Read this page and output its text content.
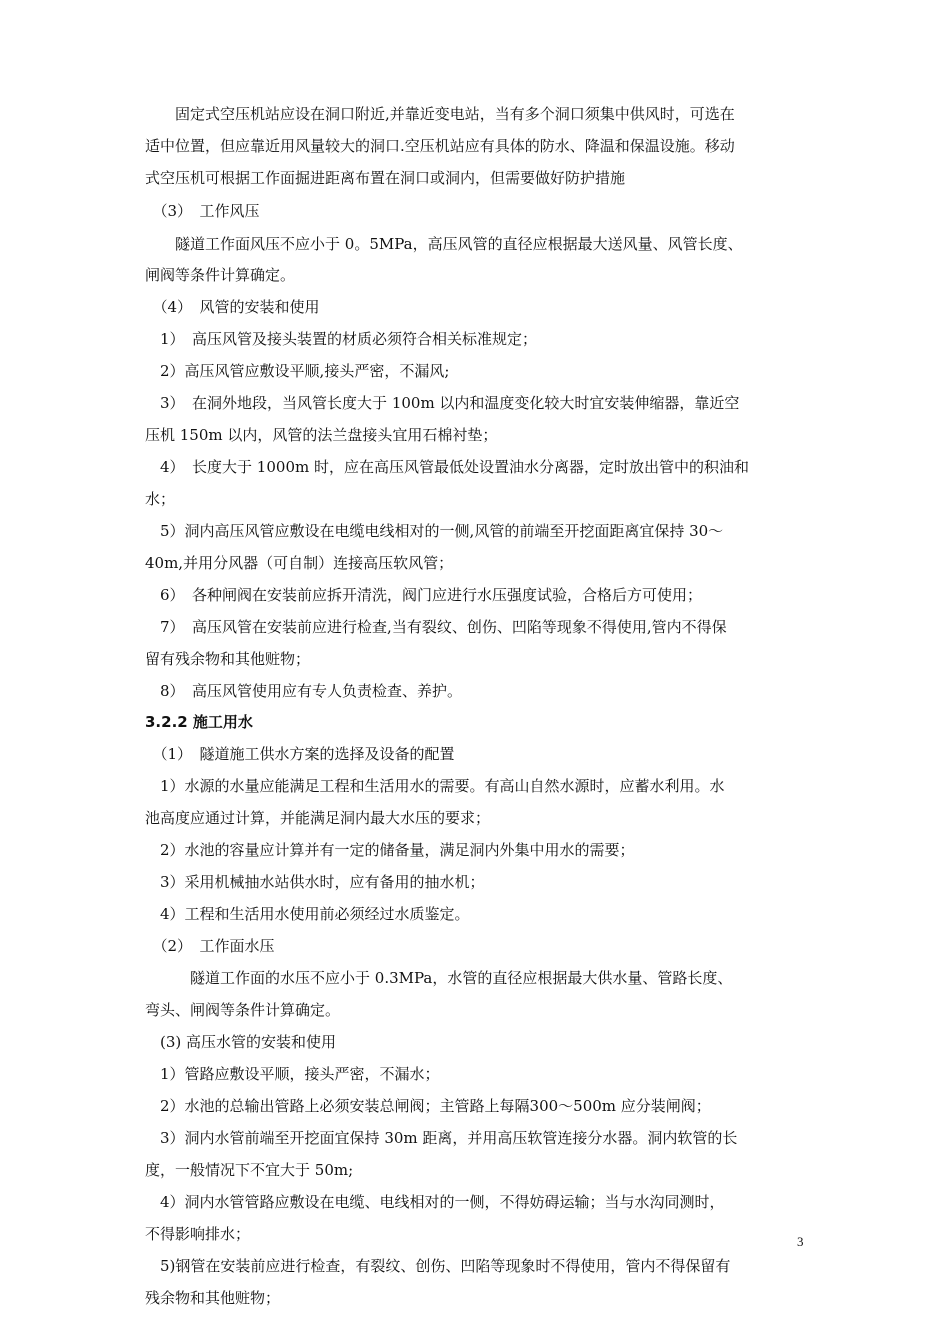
　　固定式空压机站应设在洞口附近,并靠近变电站，当有多个洞口须集中供风时，可选在

适中位置，但应靠近用风量较大的洞口.空压机站应有具体的防水、降温和保温设施。移动

式空压机可根据工作面掘进距离布置在洞口或洞内，但需要做好防护措施

　（3）　工作风压

　　隧道工作面风压不应小于 0。5MPa，高压风管的直径应根据最大送风量、风管长度、

闸阀等条件计算确定。

　（4）　风管的安装和使用

　1）　高压风管及接头装置的材质必须符合相关标准规定；

　2）高压风管应敷设平顺,接头严密，不漏风;

　3）　在洞外地段，当风管长度大于 100m 以内和温度变化较大时宜安装伸缩器，靠近空

压机 150m 以内，风管的法兰盘接头宜用石棉衬垫；

　4）　长度大于 1000m 时，应在高压风管最低处设置油水分离器，定时放出管中的积油和

水；

　5）洞内高压风管应敷设在电缆电线相对的一侧,风管的前端至开挖面距离宜保持 30～

40m,并用分风器（可自制）连接高压软风管；

　6）　各种闸阀在安装前应拆开清洗，阀门应进行水压强度试验，合格后方可使用；

　7）　高压风管在安装前应进行检查,当有裂纹、创伤、凹陷等现象不得使用,管内不得保

留有残余物和其他赃物；

　8）　高压风管使用应有专人负责检查、养护。

3.2.2 施工用水

　（1）　隧道施工供水方案的选择及设备的配置

　1）水源的水量应能满足工程和生活用水的需要。有高山自然水源时，应蓄水利用。水

池高度应通过计算，并能满足洞内最大水压的要求；

　2）水池的容量应计算并有一定的储备量，满足洞内外集中用水的需要；

　3）采用机械抽水站供水时，应有备用的抽水机；

　4）工程和生活用水使用前必须经过水质鉴定。

　（2）　工作面水压

　　　隧道工作面的水压不应小于 0.3MPa，水管的直径应根据最大供水量、管路长度、

弯头、闸阀等条件计算确定。

　(3) 高压水管的安装和使用

　1）管路应敷设平顺，接头严密，不漏水；

　2）水池的总输出管路上必须安装总闸阀；主管路上每隔300～500m 应分装闸阀；

　3）洞内水管前端至开挖面宜保持 30m 距离，并用高压软管连接分水器。洞内软管的长

度，一般情况下不宜大于 50m;

　4）洞内水管管路应敷设在电缆、电线相对的一侧，不得妨碍运输；当与水沟同测时，

不得影响排水；

　5)钢管在安装前应进行检查，有裂纹、创伤、凹陷等现象时不得使用，管内不得保留有

残余物和其他赃物；

3
